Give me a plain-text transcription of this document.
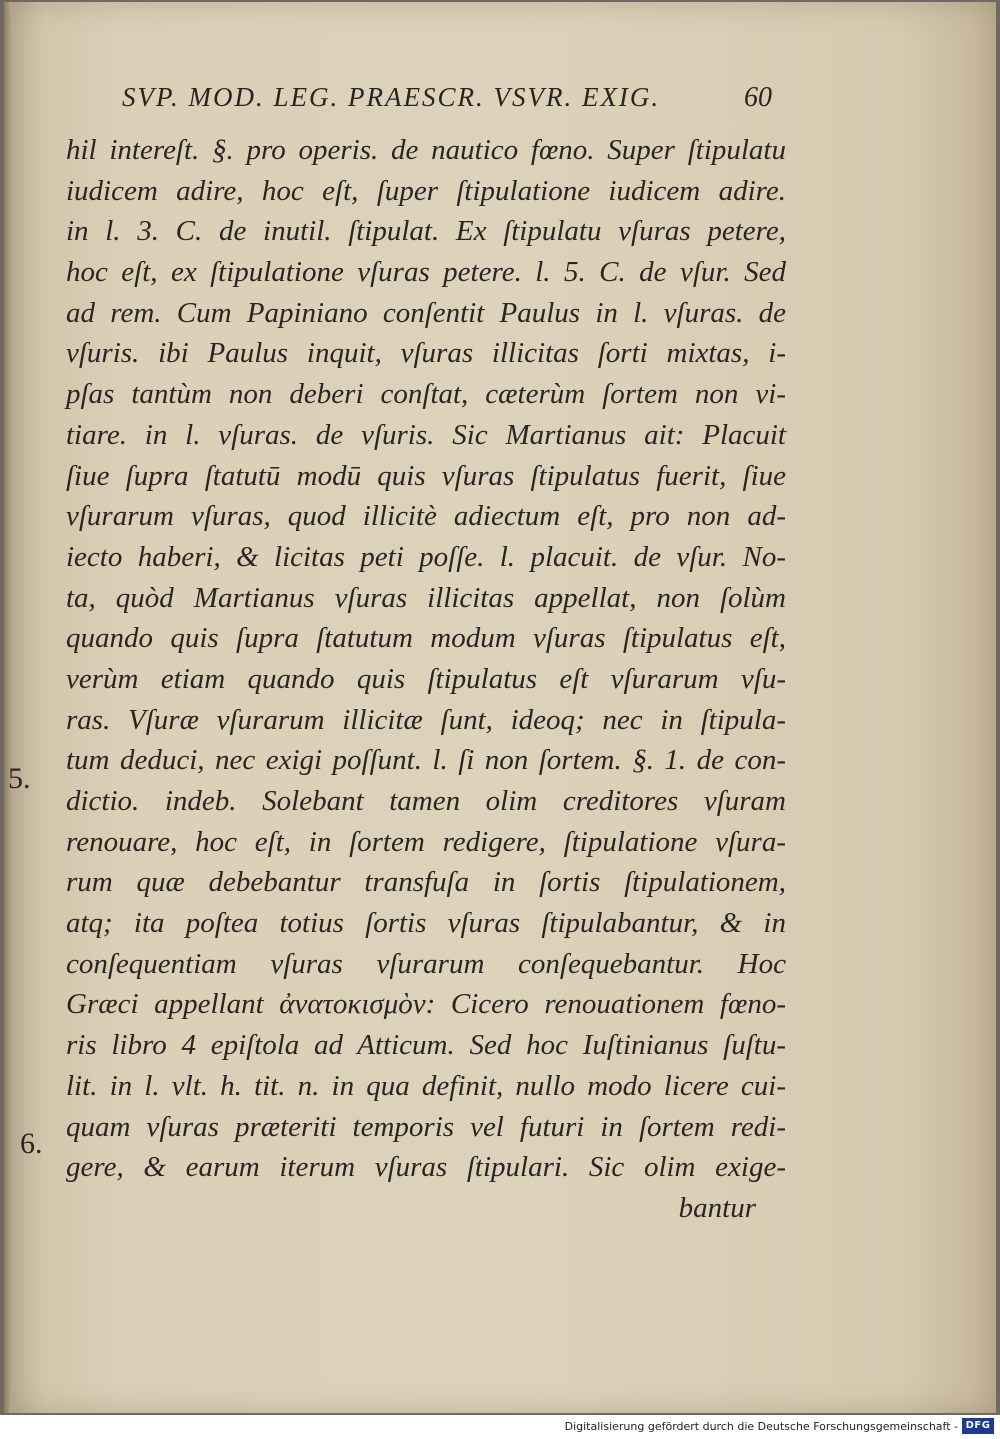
SVP. MOD. LEG. PRAESCR. VSVR. EXIG.	60
5.
6.
hil intereſt. §. pro operis. de nautico fœno. Super ſtipulatu
iudicem adire, hoc eſt, ſuper ſtipulatione iudicem adire.
in l. 3. C. de inutil. ſtipulat. Ex ſtipulatu vſuras petere,
hoc eſt, ex ſtipulatione vſuras petere. l. 5. C. de vſur. Sed
ad rem. Cum Papiniano conſentit Paulus in l. vſuras. de
vſuris. ibi Paulus inquit, vſuras illicitas ſorti mixtas, i-
pſas tantùm non deberi conſtat, cæterùm ſortem non vi-
tiare. in l. vſuras. de vſuris. Sic Martianus ait: Placuit
ſiue ſupra ſtatutū modū quis vſuras ſtipulatus fuerit, ſiue
vſurarum vſuras, quod illicitè adiectum eſt, pro non ad-
iecto haberi, & licitas peti poſſe. l. placuit. de vſur. No-
ta, quòd Martianus vſuras illicitas appellat, non ſolùm
quando quis ſupra ſtatutum modum vſuras ſtipulatus eſt,
verùm etiam quando quis ſtipulatus eſt vſurarum vſu-
ras. Vſuræ vſurarum illicitæ ſunt, ideoq; nec in ſtipula-
tum deduci, nec exigi poſſunt. l. ſi non ſortem. §. 1. de con-
dictio. indeb. Solebant tamen olim creditores vſuram
renouare, hoc eſt, in ſortem redigere, ſtipulatione vſura-
rum quæ debebantur transfuſa in ſortis ſtipulationem,
atq; ita poſtea totius ſortis vſuras ſtipulabantur, & in
conſequentiam vſuras vſurarum conſequebantur. Hoc
Græci appellant ἀνατοκισμὸν: Cicero renouationem fœno-
ris libro 4 epiſtola ad Atticum. Sed hoc Iuſtinianus ſuſtu-
lit. in l. vlt. h. tit. n. in qua definit, nullo modo licere cui-
quam vſuras præteriti temporis vel futuri in ſortem redi-
gere, & earum iterum vſuras ſtipulari. Sic olim exige-
bantur
Digitalisierung gefördert durch die Deutsche Forschungsgemeinschaft - DFG
